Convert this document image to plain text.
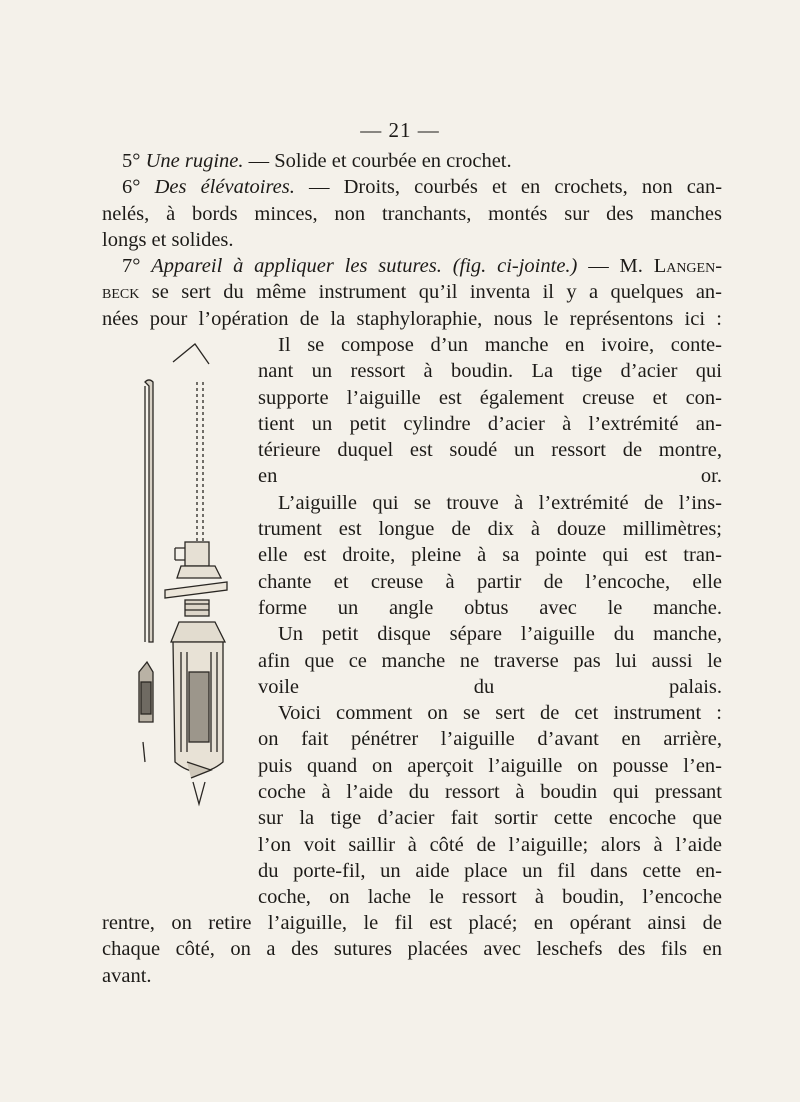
— 21 —
5° Une rugine. — Solide et courbée en crochet.
6° Des élévatoires. — Droits, courbés et en crochets, non can-
nelés, à bords minces, non tranchants, montés sur des manches
longs et solides.
7° Appareil à appliquer les sutures. (fig. ci-jointe.) — M. Langen-
beck se sert du même instrument qu’il inventa il y a quelques an-
nées pour l’opération de la staphyloraphie, nous le représentons ici :
Il se compose d’un manche en ivoire, conte-
nant un ressort à boudin. La tige d’acier qui
supporte l’aiguille est également creuse et con-
tient un petit cylindre d’acier à l’extrémité an-
térieure duquel est soudé un ressort de montre,
en or.
L’aiguille qui se trouve à l’extrémité de l’ins-
trument est longue de dix à douze millimètres;
elle est droite, pleine à sa pointe qui est tran-
chante et creuse à partir de l’encoche, elle
forme un angle obtus avec le manche.
Un petit disque sépare l’aiguille du manche,
afin que ce manche ne traverse pas lui aussi le
voile du palais.
Voici comment on se sert de cet instrument :
on fait pénétrer l’aiguille d’avant en arrière,
puis quand on aperçoit l’aiguille on pousse l’en-
coche à l’aide du ressort à boudin qui pressant
sur la tige d’acier fait sortir cette encoche que
l’on voit saillir à côté de l’aiguille; alors à l’aide
du porte-fil, un aide place un fil dans cette en-
coche, on lache le ressort à boudin, l’encoche
rentre, on retire l’aiguille, le fil est placé; en opérant ainsi de
chaque côté, on a des sutures placées avec leschefs des fils en
avant.
